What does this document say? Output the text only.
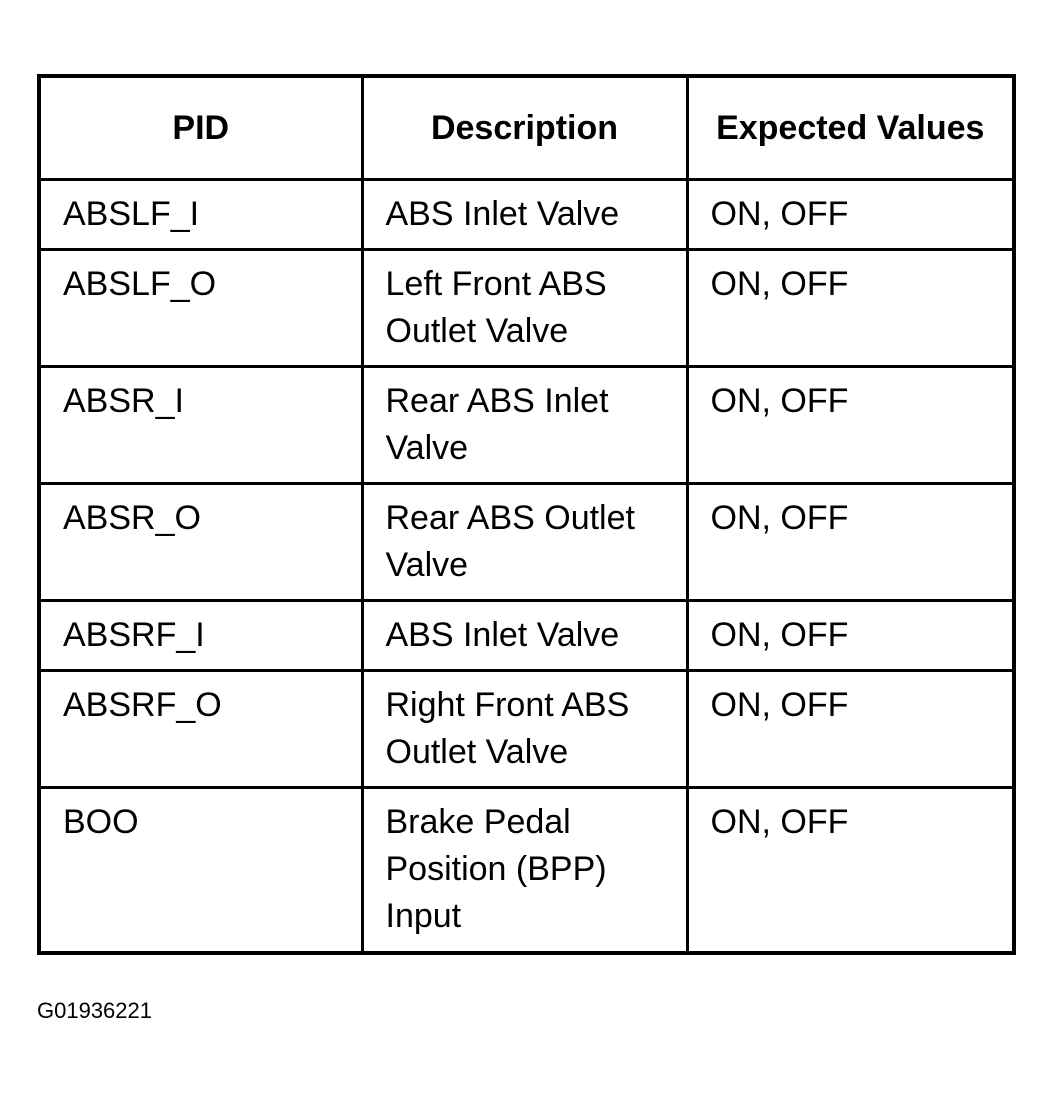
PID	Description	Expected Values
ABSLF_I	ABS Inlet Valve	ON, OFF
ABSLF_O	Left Front ABS Outlet Valve	ON, OFF
ABSR_I	Rear ABS Inlet Valve	ON, OFF
ABSR_O	Rear ABS Outlet Valve	ON, OFF
ABSRF_I	ABS Inlet Valve	ON, OFF
ABSRF_O	Right Front ABS Outlet Valve	ON, OFF
BOO	Brake Pedal Position (BPP) Input	ON, OFF
G01936221
